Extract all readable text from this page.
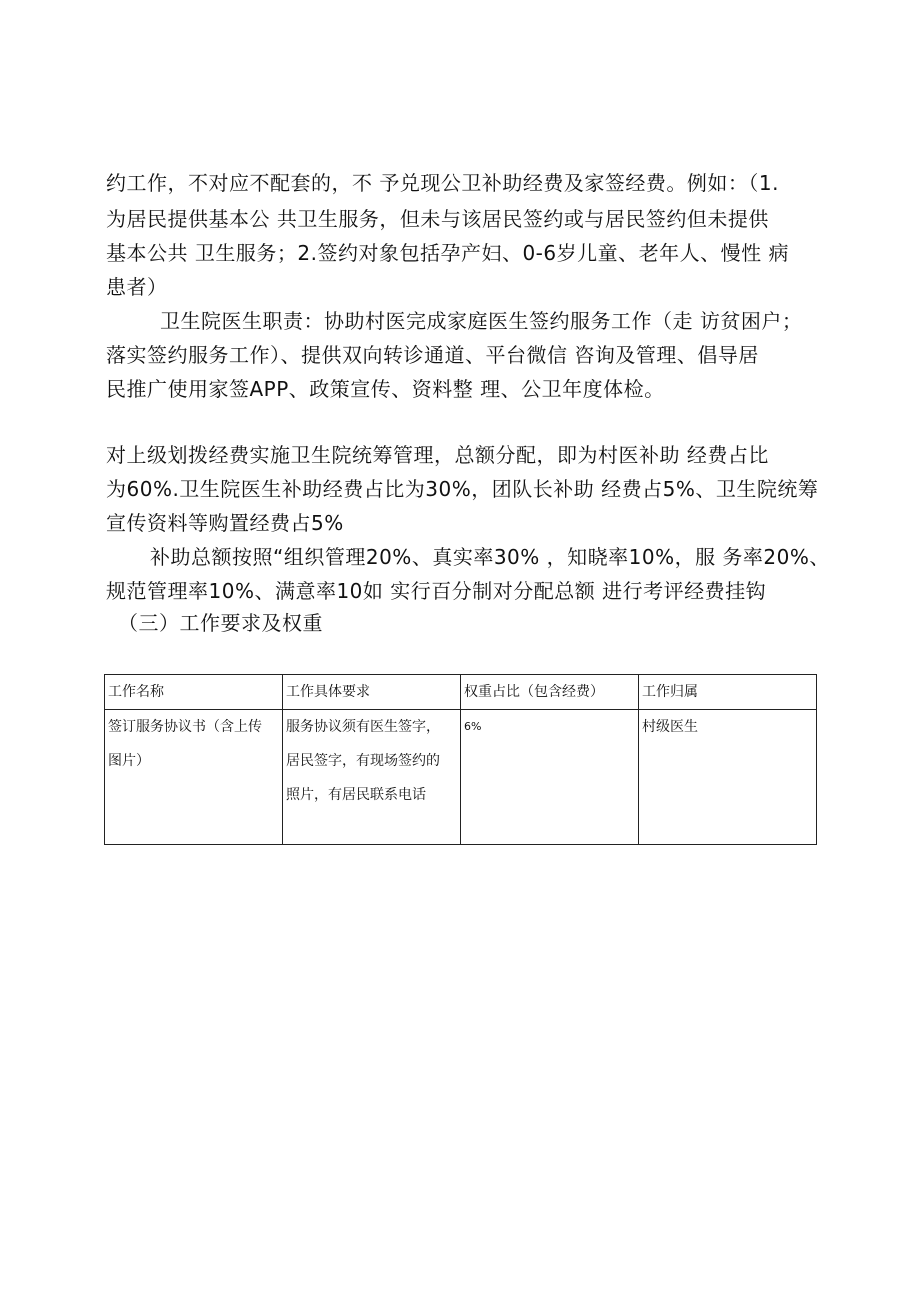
约工作，不对应不配套的，不 予兑现公卫补助经费及家签经费。例如：（1.
为居民提供基本公 共卫生服务，但未与该居民签约或与居民签约但未提供
基本公共 卫生服务；2.签约对象包括孕产妇、0-6岁儿童、老年人、慢性 病
患者）
卫生院医生职责：协助村医完成家庭医生签约服务工作（走 访贫困户；
落实签约服务工作）、提供双向转诊通道、平台微信 咨询及管理、倡导居
民推广使用家签APP、政策宣传、资料整 理、公卫年度体检。
对上级划拨经费实施卫生院统筹管理，总额分配，即为村医补助 经费占比
为60%.卫生院医生补助经费占比为30%，团队长补助 经费占5%、卫生院统筹
宣传资料等购置经费占5%
补助总额按照“组织管理20%、真实率30% ，知晓率10%，服 务率20%、
规范管理率10%、满意率10如 实行百分制对分配总额 进行考评经费挂钩
（三）工作要求及权重
工作名称	工作具体要求	权重占比（包含经费）	工作归属
签订服务协议书（含上传图片）	服务协议须有医生签字，居民签字，有现场签约的照片，有居民联系电话	6%	村级医生
